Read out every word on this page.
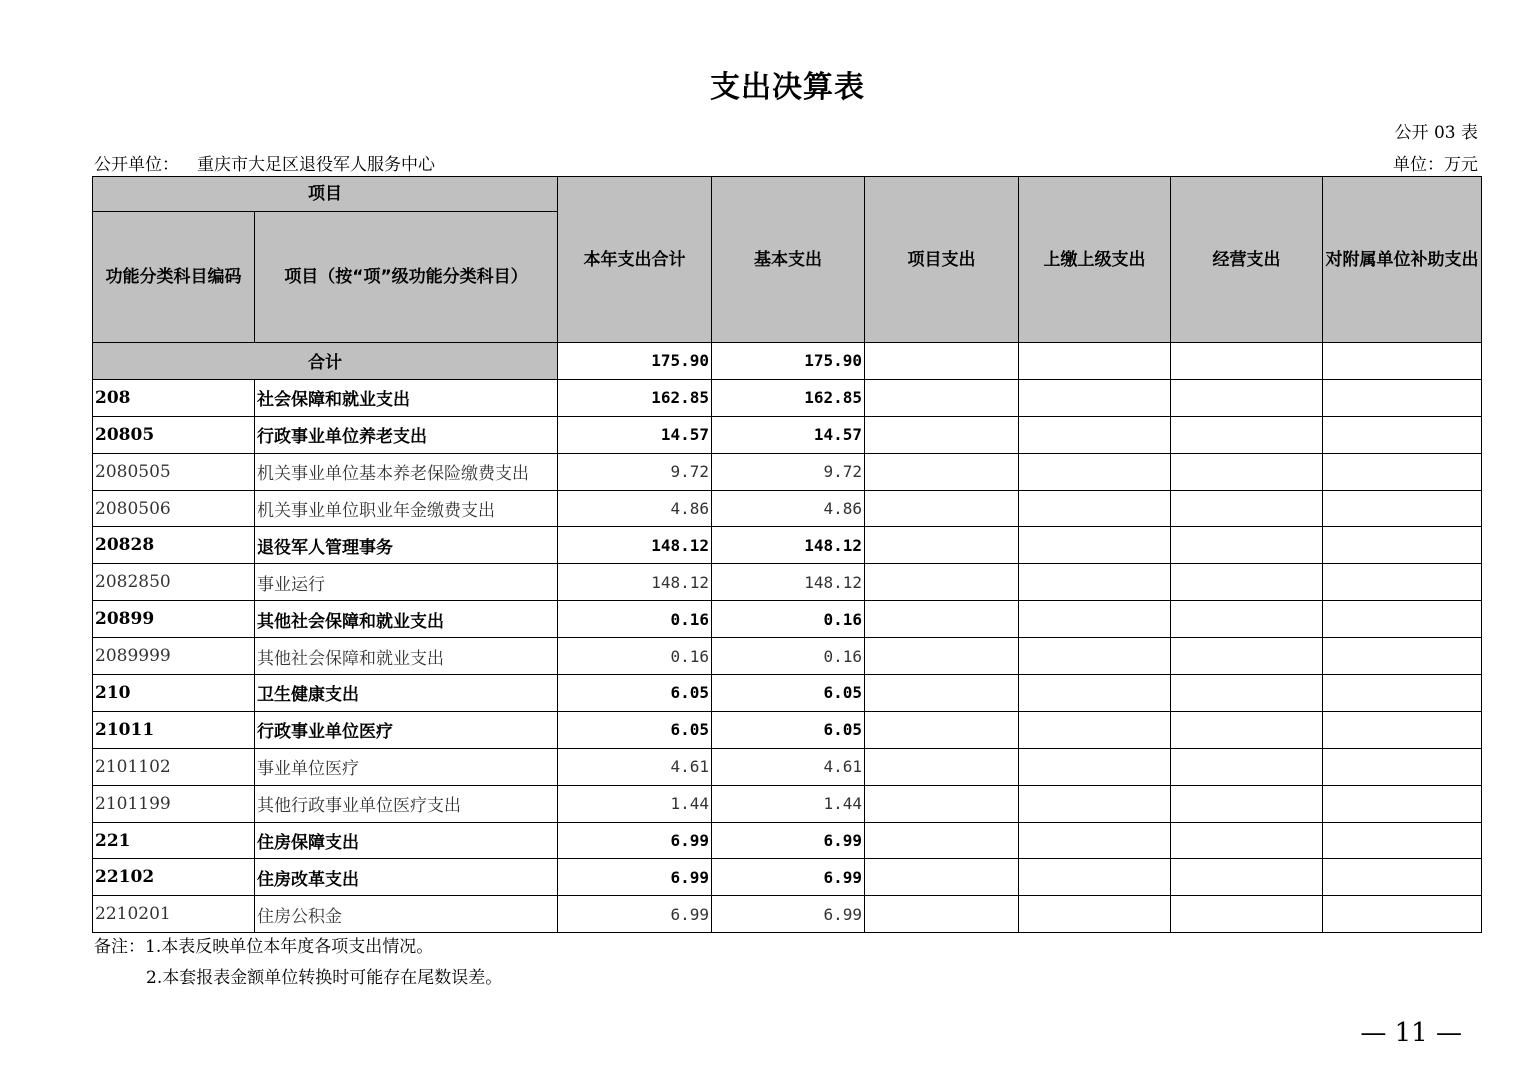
支出决算表
公开 03 表
公开单位： 重庆市大足区退役军人服务中心	单位：万元
项目		本年支出合计	基本支出	项目支出	上缴上级支出	经营支出	对附属单位补助支出
功能分类科目编码	项目（按“项”级功能分类科目）						
合计		175.90	175.90				
208	社会保障和就业支出	162.85	162.85				
20805	行政事业单位养老支出	14.57	14.57				
2080505	机关事业单位基本养老保险缴费支出	9.72	9.72				
2080506	机关事业单位职业年金缴费支出	4.86	4.86				
20828	退役军人管理事务	148.12	148.12				
2082850	事业运行	148.12	148.12				
20899	其他社会保障和就业支出	0.16	0.16				
2089999	其他社会保障和就业支出	0.16	0.16				
210	卫生健康支出	6.05	6.05				
21011	行政事业单位医疗	6.05	6.05				
2101102	事业单位医疗	4.61	4.61				
2101199	其他行政事业单位医疗支出	1.44	1.44				
221	住房保障支出	6.99	6.99				
22102	住房改革支出	6.99	6.99				
2210201	住房公积金	6.99	6.99				
备注：1.本表反映单位本年度各项支出情况。
2.本套报表金额单位转换时可能存在尾数误差。
— 11 —
